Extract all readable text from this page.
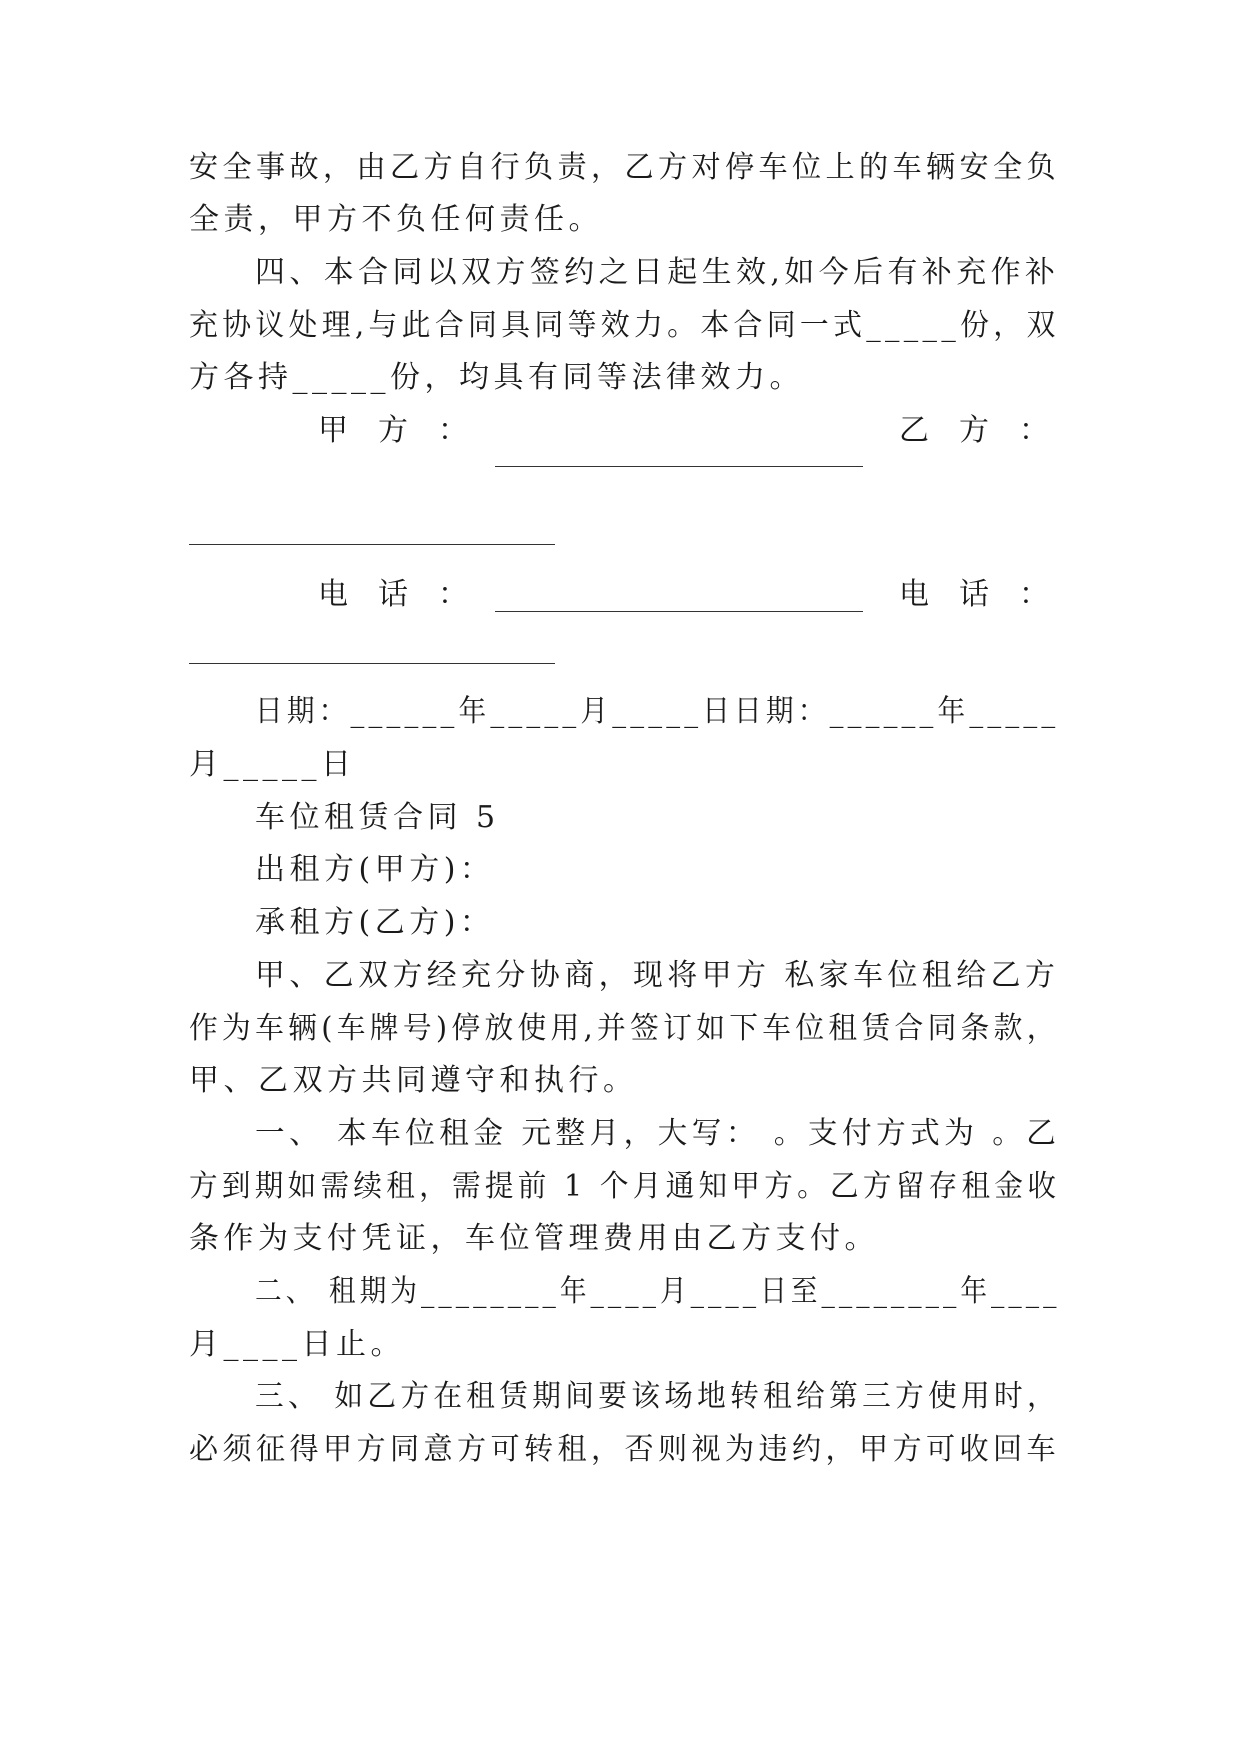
安全事故，由乙方自行负责，乙方对停车位上的车辆安全负
全责，甲方不负任何责任。
四、本合同以双方签约之日起生效,如今后有补充作补
充协议处理,与此合同具同等效力。本合同一式_____份，双
方各持_____份，均具有同等法律效力。
甲　方　：	乙　方　：
电　话　：	电　话　：
日期：______年_____月_____日日期：______年_____
月_____日
车位租赁合同 5
出租方(甲方)：
承租方(乙方)：
甲、乙双方经充分协商，现将甲方 私家车位租给乙方
作为车辆(车牌号)停放使用,并签订如下车位租赁合同条款，
甲、乙双方共同遵守和执行。
一、 本车位租金 元整月，大写： 。支付方式为 。乙
方到期如需续租，需提前 1 个月通知甲方。乙方留存租金收
条作为支付凭证，车位管理费用由乙方支付。
二、 租期为________年____月____日至________年____
月____日止。
三、 如乙方在租赁期间要该场地转租给第三方使用时，
必须征得甲方同意方可转租，否则视为违约，甲方可收回车
